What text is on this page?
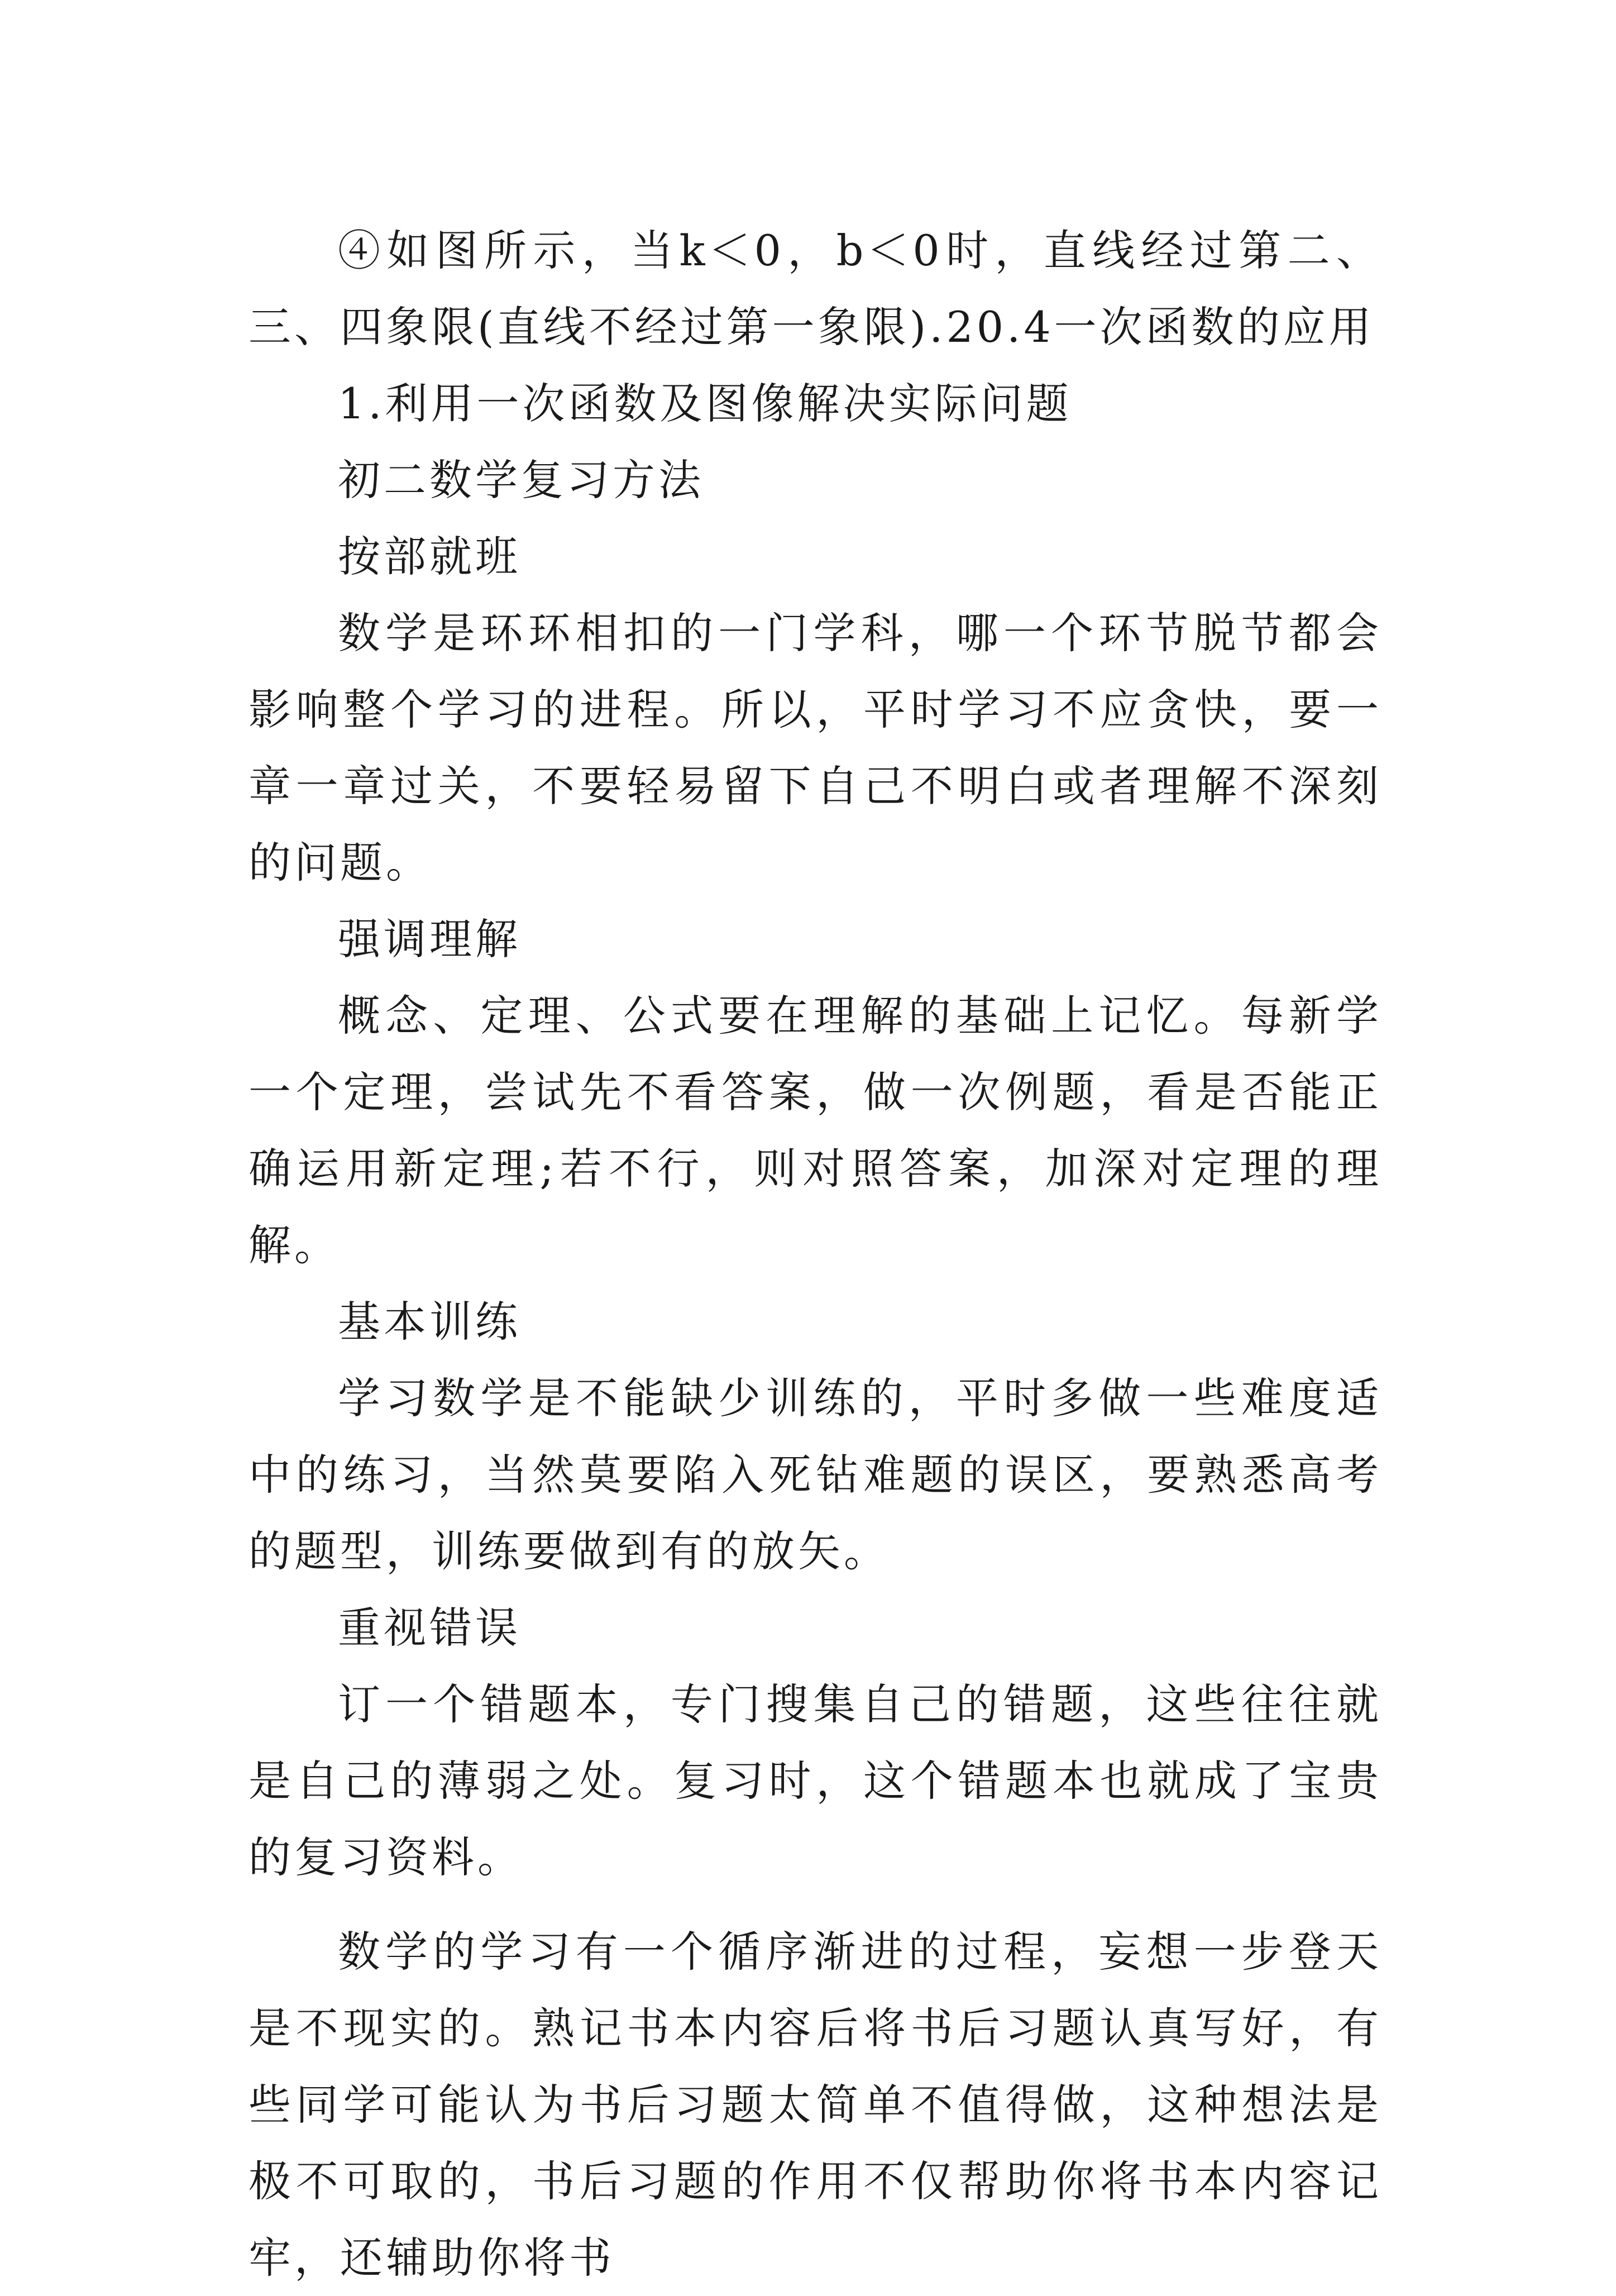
④如图所示，当k＜0，b＜0时，直线经过第二、三、四象限(直线不经过第一象限).20.4一次函数的应用

1.利用一次函数及图像解决实际问题

初二数学复习方法

按部就班

数学是环环相扣的一门学科，哪一个环节脱节都会影响整个学习的进程。所以，平时学习不应贪快，要一章一章过关，不要轻易留下自己不明白或者理解不深刻的问题。

强调理解

概念、定理、公式要在理解的基础上记忆。每新学一个定理，尝试先不看答案，做一次例题，看是否能正确运用新定理;若不行，则对照答案，加深对定理的理解。

基本训练

学习数学是不能缺少训练的，平时多做一些难度适中的练习，当然莫要陷入死钻难题的误区，要熟悉高考的题型，训练要做到有的放矢。

重视错误

订一个错题本，专门搜集自己的错题，这些往往就是自己的薄弱之处。复习时，这个错题本也就成了宝贵的复习资料。

数学的学习有一个循序渐进的过程，妄想一步登天是不现实的。熟记书本内容后将书后习题认真写好，有些同学可能认为书后习题太简单不值得做，这种想法是极不可取的，书后习题的作用不仅帮助你将书本内容记牢，还辅助你将书
